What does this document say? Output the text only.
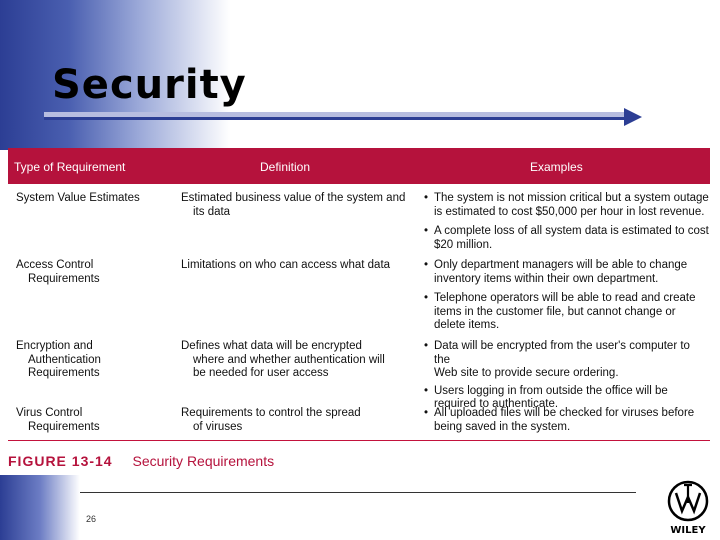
Security
Type of Requirement	Definition	Examples
System Value Estimates	Estimated business value of the system and
its data
• The system is not mission critical but a system outage
is estimated to cost $50,000 per hour in lost revenue.
• A complete loss of all system data is estimated to cost
$20 million.
Access Control
Requirements
Limitations on who can access what data
•	Only department managers will be able to change
inventory items within their own department.
• Telephone operators will be able to read and create
items in the customer file, but cannot change or
delete items.
Encryption and
Authentication
Requirements
Defines what data will be encrypted
where and whether authentication will
be needed for user access
• Data will be encrypted from the user's computer to the
Web site to provide secure ordering.
• Users logging in from outside the office will be
required to authenticate.
Virus Control
Requirements
Requirements to control the spread
of viruses
• All uploaded files will be checked for viruses before
being saved in the system.
FIGURE 13-14 Security Requirements
26
WILEY
